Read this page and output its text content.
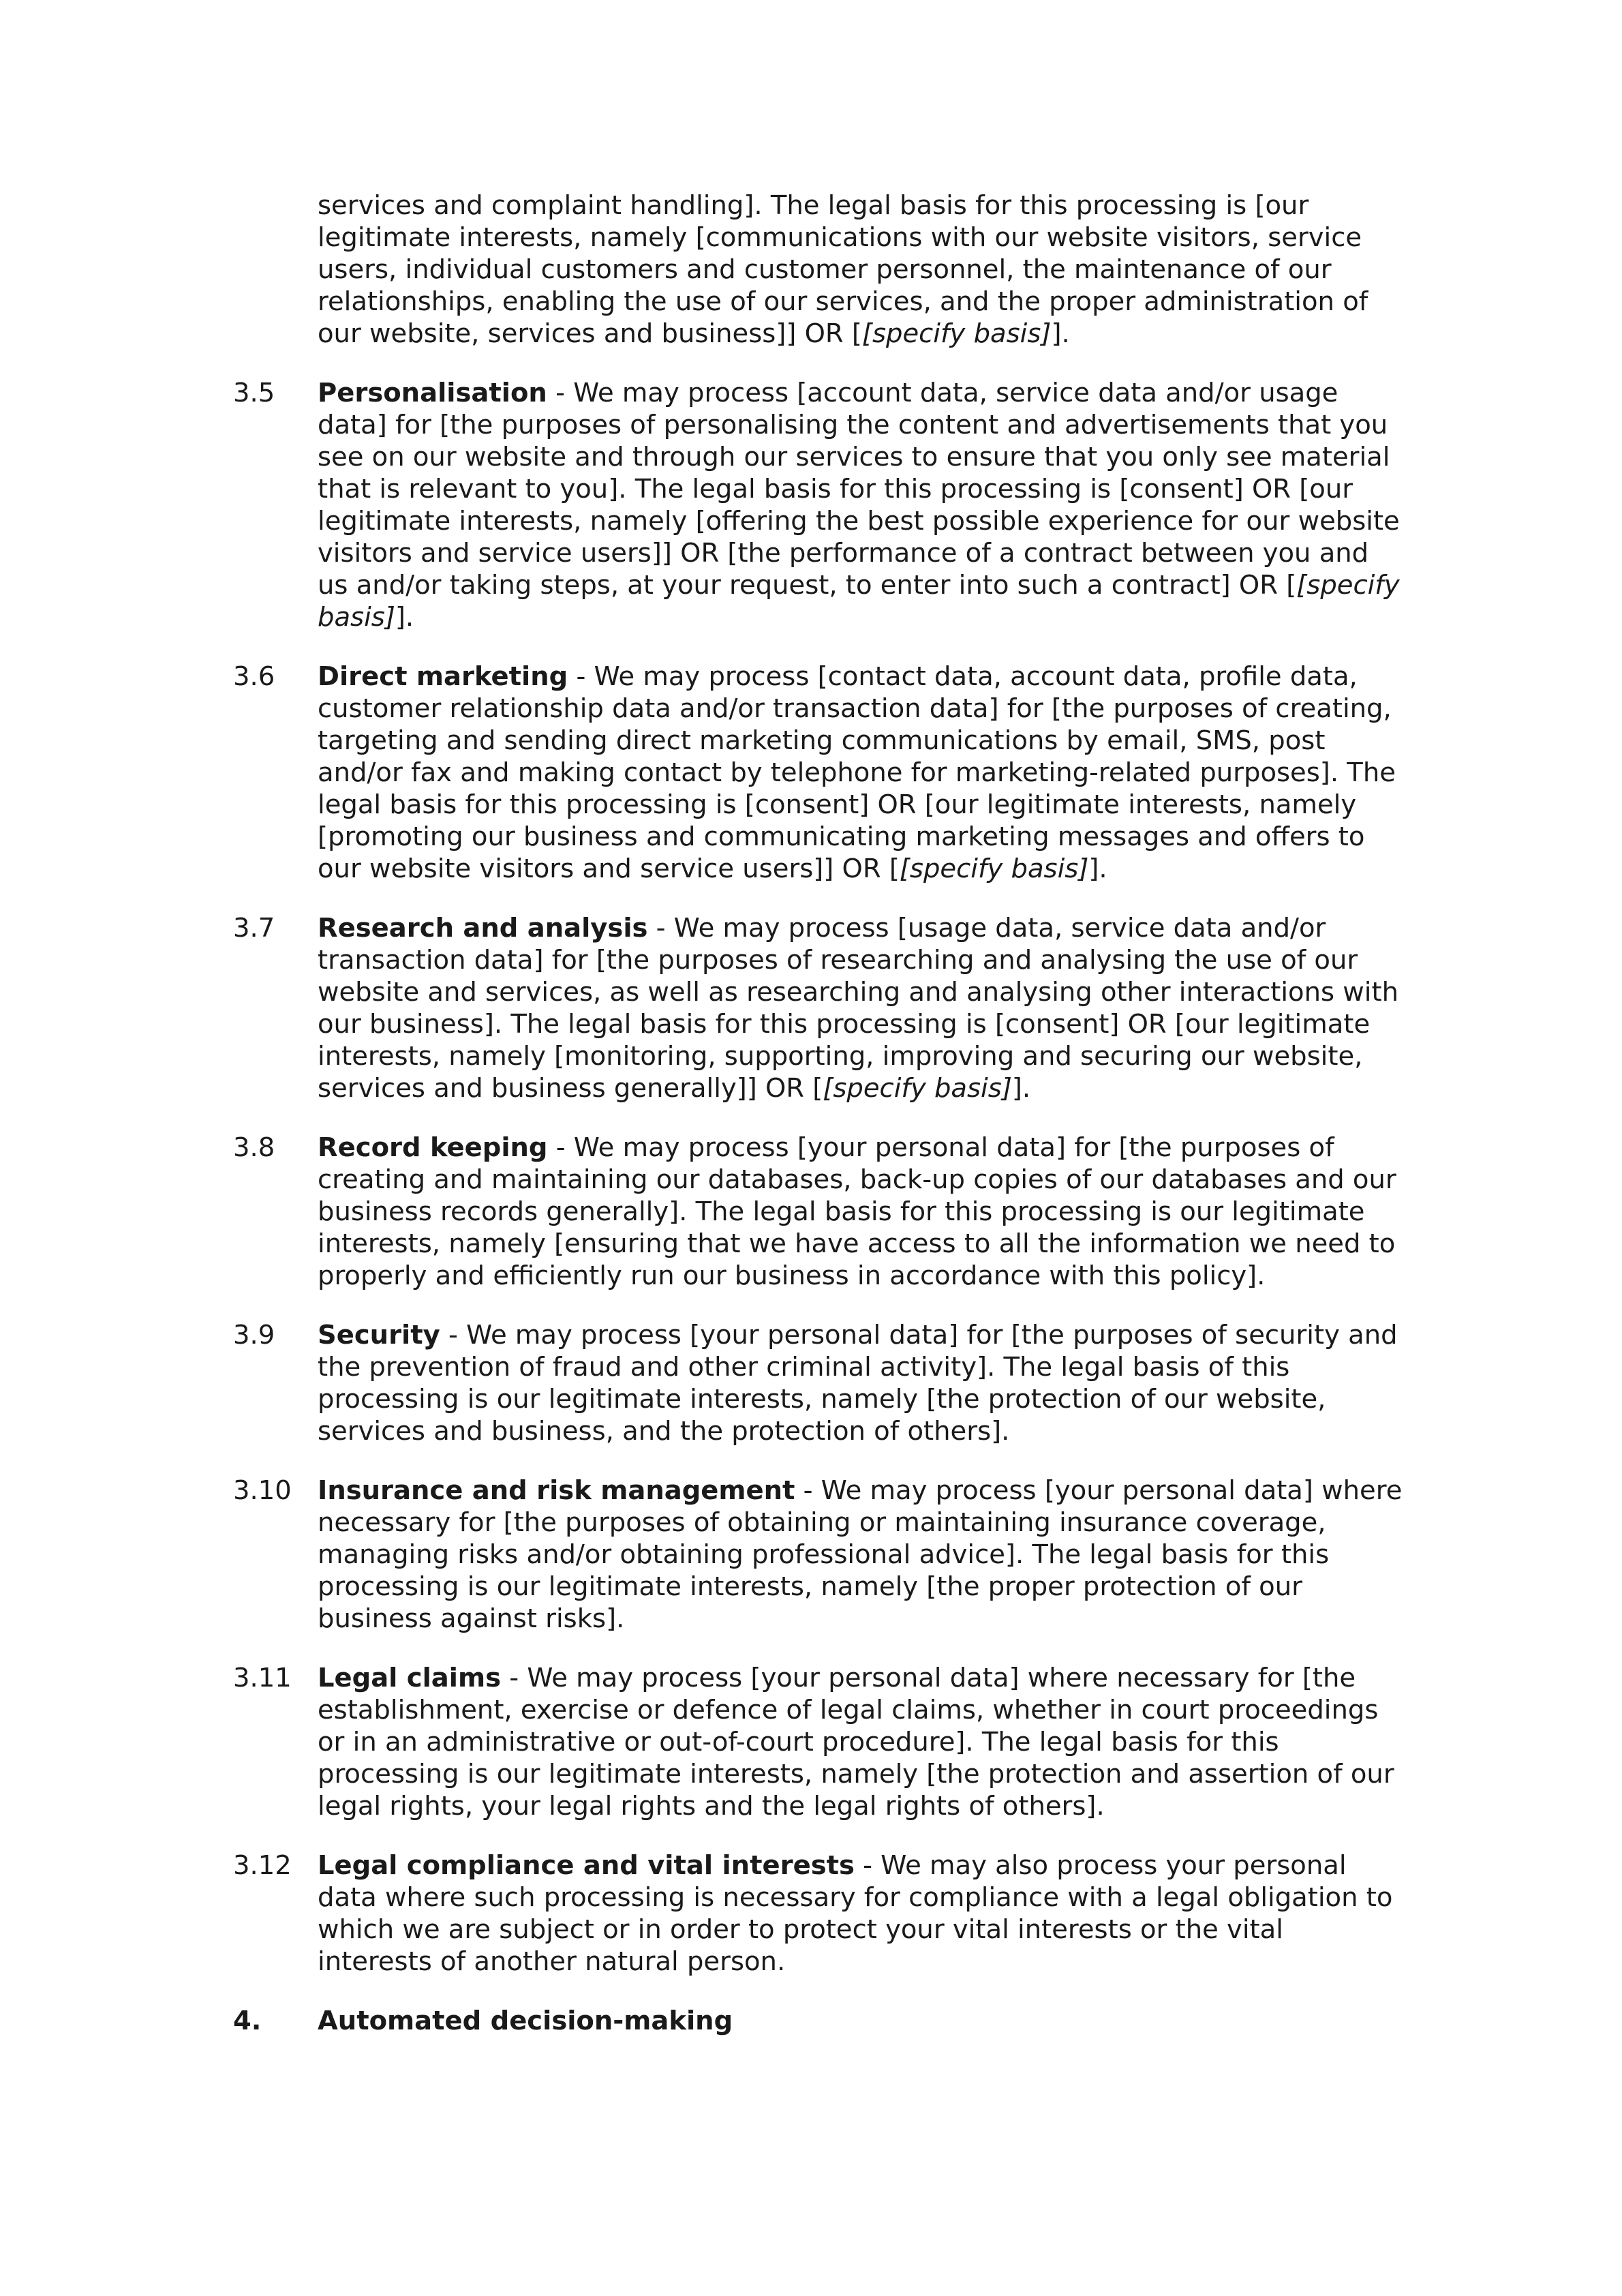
services and complaint handling]. The legal basis for this processing is [our legitimate interests, namely [communications with our website visitors, service users, individual customers and customer personnel, the maintenance of our relationships, enabling the use of our services, and the proper administration of our website, services and business]] OR [[specify basis]].

3.5	Personalisation - We may process [account data, service data and/or usage data] for [the purposes of personalising the content and advertisements that you see on our website and through our services to ensure that you only see material that is relevant to you]. The legal basis for this processing is [consent] OR [our legitimate interests, namely [offering the best possible experience for our website visitors and service users]] OR [the performance of a contract between you and us and/or taking steps, at your request, to enter into such a contract] OR [[specify basis]].
3.6	Direct marketing - We may process [contact data, account data, profile data, customer relationship data and/or transaction data] for [the purposes of creating, targeting and sending direct marketing communications by email, SMS, post and/or fax and making contact by telephone for marketing-related purposes]. The legal basis for this processing is [consent] OR [our legitimate interests, namely [promoting our business and communicating marketing messages and offers to our website visitors and service users]] OR [[specify basis]].
3.7	Research and analysis - We may process [usage data, service data and/or transaction data] for [the purposes of researching and analysing the use of our website and services, as well as researching and analysing other interactions with our business]. The legal basis for this processing is [consent] OR [our legitimate interests, namely [monitoring, supporting, improving and securing our website, services and business generally]] OR [[specify basis]].
3.8	Record keeping - We may process [your personal data] for [the purposes of creating and maintaining our databases, back-up copies of our databases and our business records generally]. The legal basis for this processing is our legitimate interests, namely [ensuring that we have access to all the information we need to properly and efficiently run our business in accordance with this policy].
3.9	Security - We may process [your personal data] for [the purposes of security and the prevention of fraud and other criminal activity]. The legal basis of this processing is our legitimate interests, namely [the protection of our website, services and business, and the protection of others].
3.10 Insurance and risk management - We may process [your personal data] where necessary for [the purposes of obtaining or maintaining insurance coverage, managing risks and/or obtaining professional advice]. The legal basis for this processing is our legitimate interests, namely [the proper protection of our business against risks].
3.11 Legal claims - We may process [your personal data] where necessary for [the establishment, exercise or defence of legal claims, whether in court proceedings or in an administrative or out-of-court procedure]. The legal basis for this processing is our legitimate interests, namely [the protection and assertion of our legal rights, your legal rights and the legal rights of others].
3.12 Legal compliance and vital interests - We may also process your personal data where such processing is necessary for compliance with a legal obligation to which we are subject or in order to protect your vital interests or the vital interests of another natural person.
4.	Automated decision-making
